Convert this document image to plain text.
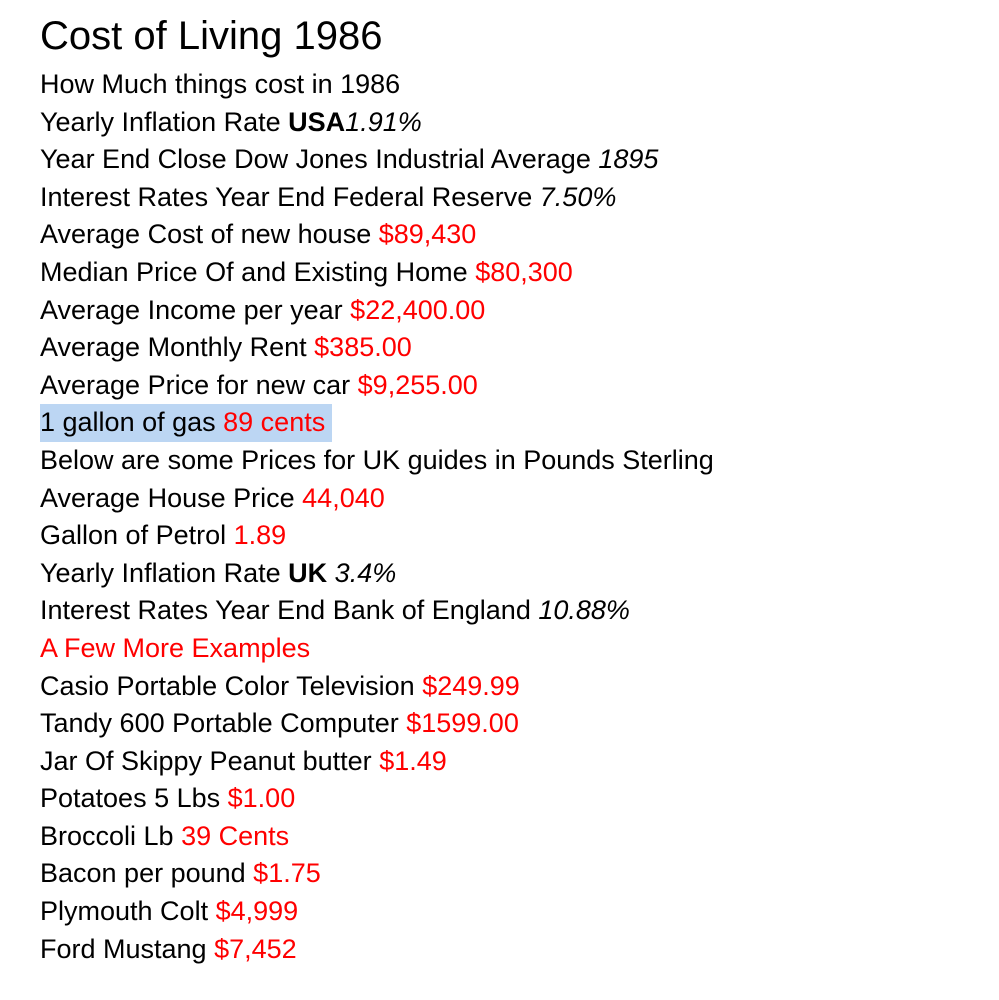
Cost of Living 1986
How Much things cost in 1986
Yearly Inflation Rate USA1.91%
Year End Close Dow Jones Industrial Average 1895
Interest Rates Year End Federal Reserve 7.50%
Average Cost of new house $89,430
Median Price Of and Existing Home $80,300
Average Income per year $22,400.00
Average Monthly Rent $385.00
Average Price for new car $9,255.00
1 gallon of gas 89 cents
Below are some Prices for UK guides in Pounds Sterling
Average House Price 44,040
Gallon of Petrol 1.89
Yearly Inflation Rate UK 3.4%
Interest Rates Year End Bank of England 10.88%
A Few More Examples
Casio Portable Color Television $249.99
Tandy 600 Portable Computer $1599.00
Jar Of Skippy Peanut butter $1.49
Potatoes 5 Lbs $1.00
Broccoli Lb 39 Cents
Bacon per pound $1.75
Plymouth Colt $4,999
Ford Mustang $7,452
